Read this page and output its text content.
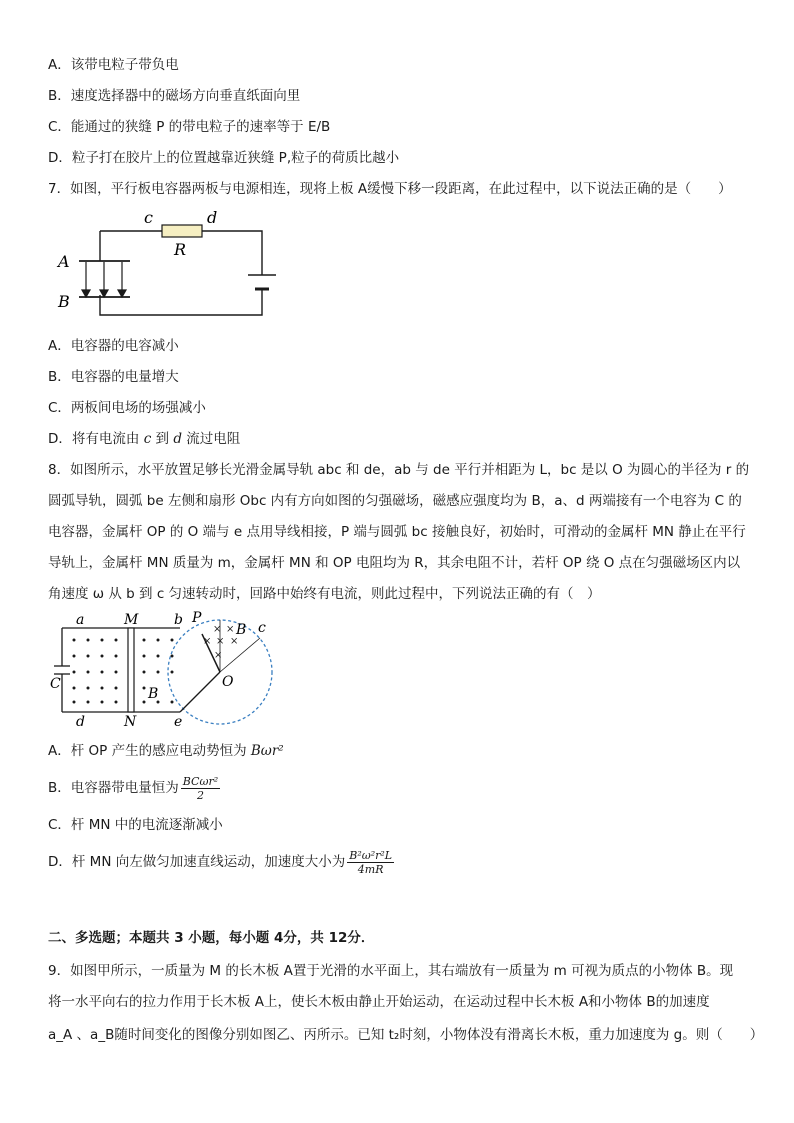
A．该带电粒子带负电
B．速度选择器中的磁场方向垂直纸面向里
C．能通过的狭缝 P 的带电粒子的速率等于 E/B
D．粒子打在胶片上的位置越靠近狭缝 P,粒子的荷质比越小
7．如图，平行板电容器两板与电源相连，现将上板 A缓慢下移一段距离，在此过程中，以下说法正确的是（　　）
c	d
R
A
B
A．电容器的电容减小
B．电容器的电量增大
C．两板间电场的场强减小
D．将有电流由 c 到 d 流过电阻
8．如图所示，水平放置足够长光滑金属导轨 abc 和 de，ab 与 de 平行并相距为 L，bc 是以 O 为圆心的半径为 r 的
圆弧导轨，圆弧 be 左侧和扇形 Obc 内有方向如图的匀强磁场，磁感应强度均为 B，a、d 两端接有一个电容为 C 的
电容器，金属杆 OP 的 O 端与 e 点用导线相接，P 端与圆弧 bc 接触良好，初始时，可滑动的金属杆 MN 静止在平行
导轨上，金属杆 MN 质量为 m，金属杆 MN 和 OP 电阻均为 R，其余电阻不计，若杆 OP 绕 O 点在匀强磁场区内以
角速度 ω 从 b 到 c 匀速转动时，回路中始终有电流，则此过程中，下列说法正确的有（　）
× ×
× × ×
×
a	M	b P
B c
C
B
O
d	N	e
A．杆 OP 产生的感应电动势恒为 Bωr²
B．电容器带电量恒为 $\frac{\text{BCωr²}}{2}$
C．杆 MN 中的电流逐渐减小
D．杆 MN 向左做匀加速直线运动，加速度大小为 $\frac{\text{B²ω²r²L}}{4mR}$
二、多选题；本题共 3 小题，每小题 4分，共 12分．
9．如图甲所示，一质量为 M 的长木板 A置于光滑的水平面上，其右端放有一质量为 m 可视为质点的小物体 B。现
将一水平向右的拉力作用于长木板 A上，使长木板由静止开始运动，在运动过程中长木板 A和小物体 B的加速度
a_A 、a_B随时间变化的图像分别如图乙、丙所示。已知 t₂时刻，小物体没有滑离长木板，重力加速度为 g。则（　　）
